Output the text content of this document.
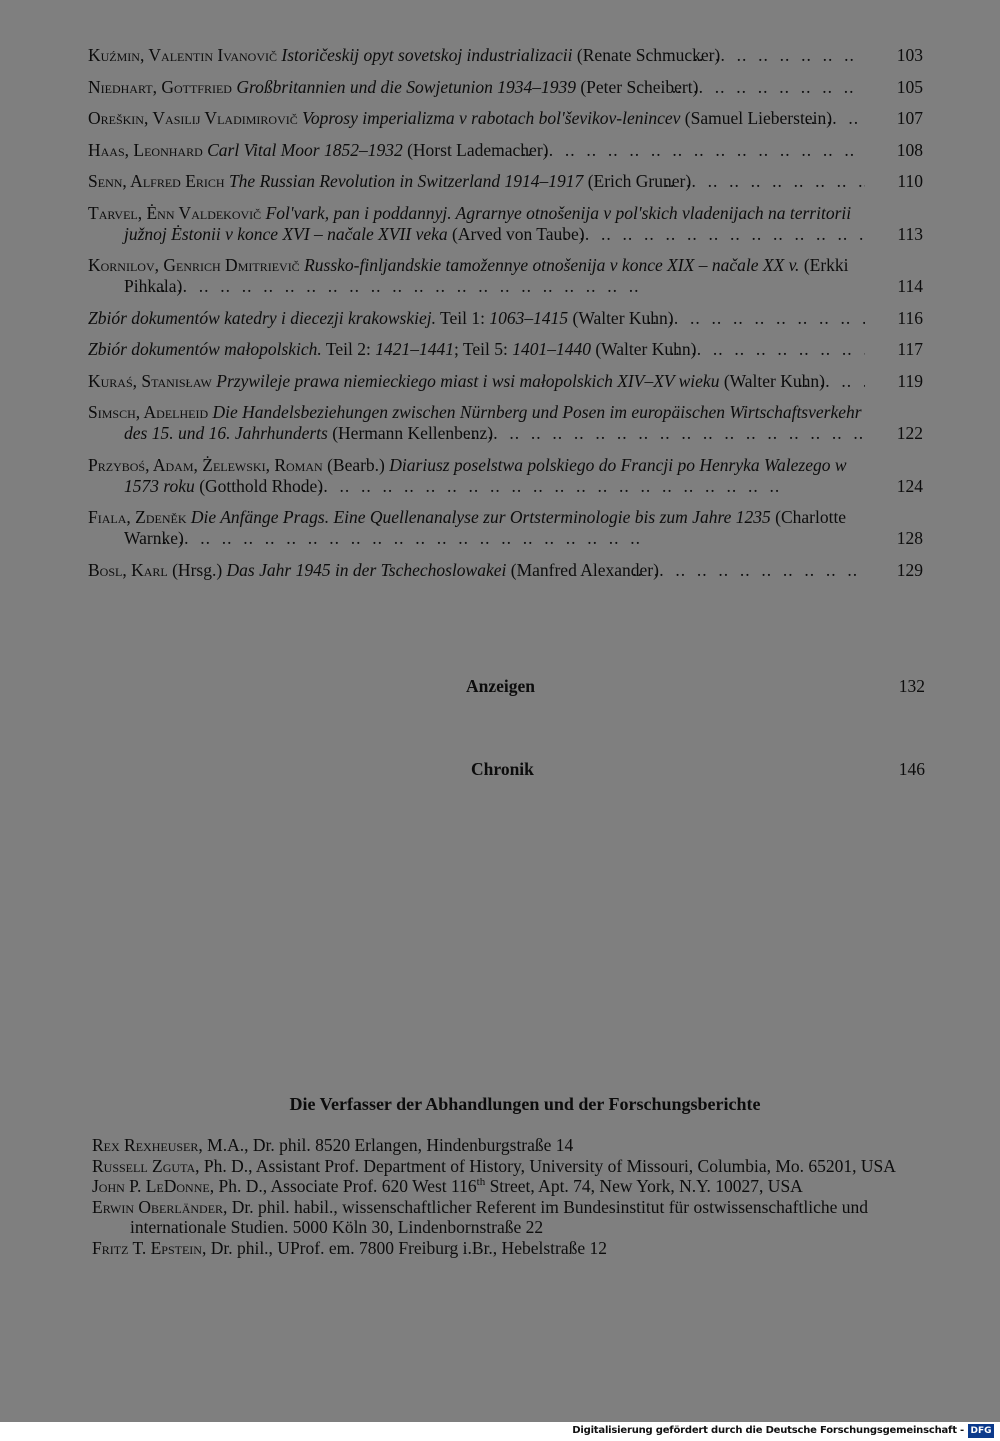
Kuźmin, Valentin Ivanovič Istoričeskij opyt sovetskoj industrializacii (Renate Schmucker)	103
Niedhart, Gottfried Großbritannien und die Sowjetunion 1934–1939 (Peter Scheibert)	105
Oreškin, Vasilij Vladimirovič Voprosy imperializma v rabotach bol'ševikov-lenincev (Samuel Lieberstein)	107
Haas, Leonhard Carl Vital Moor 1852–1932 (Horst Lademacher)	108
Senn, Alfred Erich The Russian Revolution in Switzerland 1914–1917 (Erich Gruner)	110
Tarvel, Ėnn Valdekovič Fol'vark, pan i poddannyj. Agrarnye otnošenija v pol'skich vladenijach na territorii južnoj Ėstonii v konce XVI – načale XVII veka (Arved von Taube)	113
Kornilov, Genrich Dmitrievič Russko-finljandskie tamožennye otnošenija v konce XIX – načale XX v. (Erkki Pihkala)	114
Zbiór dokumentów katedry i diecezji krakowskiej. Teil 1: 1063–1415 (Walter Kuhn)	116
Zbiór dokumentów małopolskich. Teil 2: 1421–1441; Teil 5: 1401–1440 (Walter Kuhn)	117
Kuraś, Stanisław Przywileje prawa niemieckiego miast i wsi małopolskich XIV–XV wieku (Walter Kuhn)	119
Simsch, Adelheid Die Handelsbeziehungen zwischen Nürnberg und Posen im europäischen Wirtschaftsverkehr des 15. und 16. Jahrhunderts (Hermann Kellenbenz)	122
Przyboś, Adam, Żelewski, Roman (Bearb.) Diariusz poselstwa polskiego do Francji po Henryka Walezego w 1573 roku (Gotthold Rhode)	124
Fiala, Zdeněk Die Anfänge Prags. Eine Quellenanalyse zur Ortsterminologie bis zum Jahre 1235 (Charlotte Warnke)	128
Bosl, Karl (Hrsg.) Das Jahr 1945 in der Tschechoslowakei (Manfred Alexander)	129
Anzeigen	132
Chronik	146
Die Verfasser der Abhandlungen und der Forschungsberichte
Rex Rexheuser, M.A., Dr. phil. 8520 Erlangen, Hindenburgstraße 14
Russell Zguta, Ph. D., Assistant Prof. Department of History, University of Missouri, Columbia, Mo. 65201, USA
John P. LeDonne, Ph. D., Associate Prof. 620 West 116th Street, Apt. 74, New York, N.Y. 10027, USA
Erwin Oberländer, Dr. phil. habil., wissenschaftlicher Referent im Bundesinstitut für ostwissenschaftliche und internationale Studien. 5000 Köln 30, Lindenbornstraße 22
Fritz T. Epstein, Dr. phil., UProf. em. 7800 Freiburg i.Br., Hebelstraße 12
Digitalisierung gefördert durch die Deutsche Forschungsgemeinschaft - DFG
